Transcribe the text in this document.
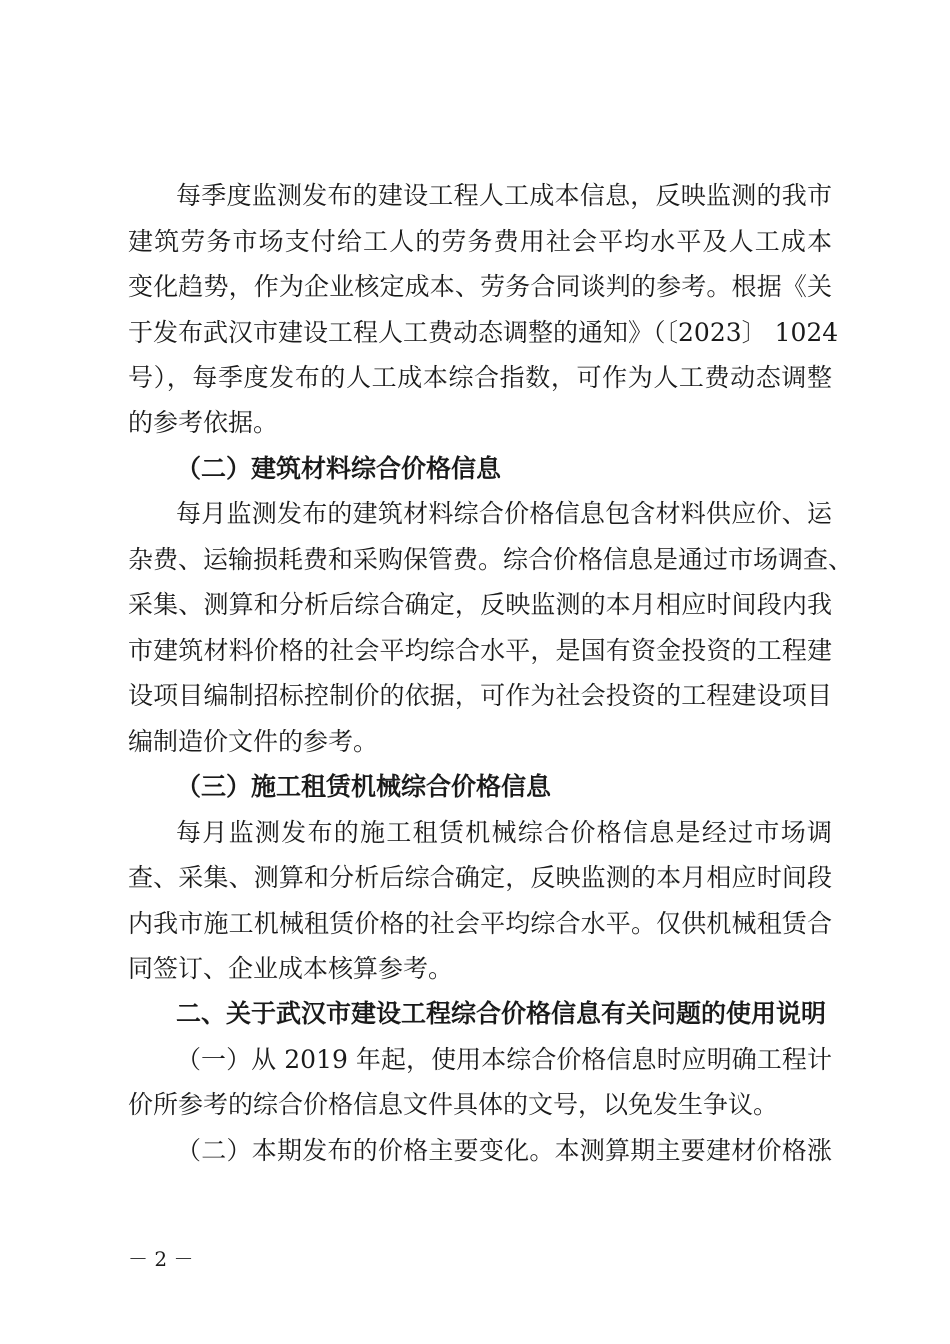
每季度监测发布的建设工程人工成本信息，反映监测的我市
建筑劳务市场支付给工人的劳务费用社会平均水平及人工成本
变化趋势，作为企业核定成本、劳务合同谈判的参考。根据《关
于发布武汉市建设工程人工费动态调整的通知》（〔2023〕 1024
号），每季度发布的人工成本综合指数，可作为人工费动态调整
的参考依据。
（二）建筑材料综合价格信息
每月监测发布的建筑材料综合价格信息包含材料供应价、运
杂费、运输损耗费和采购保管费。综合价格信息是通过市场调查、
采集、测算和分析后综合确定，反映监测的本月相应时间段内我
市建筑材料价格的社会平均综合水平，是国有资金投资的工程建
设项目编制招标控制价的依据，可作为社会投资的工程建设项目
编制造价文件的参考。
（三）施工租赁机械综合价格信息
每月监测发布的施工租赁机械综合价格信息是经过市场调
查、采集、测算和分析后综合确定，反映监测的本月相应时间段
内我市施工机械租赁价格的社会平均综合水平。仅供机械租赁合
同签订、企业成本核算参考。
二、关于武汉市建设工程综合价格信息有关问题的使用说明
（一）从 2019 年起，使用本综合价格信息时应明确工程计
价所参考的综合价格信息文件具体的文号，以免发生争议。
（二）本期发布的价格主要变化。本测算期主要建材价格涨
－ 2 －
